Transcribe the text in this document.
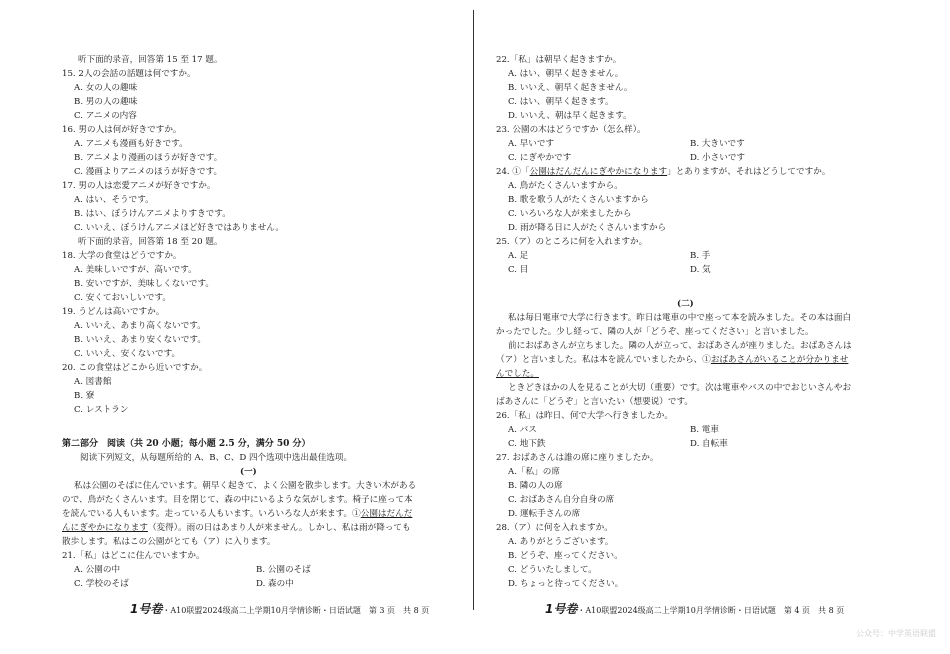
第二部分　阅读（共 20 小题；每小题 2.5 分，满分 50 分）
阅读下列短文，从每题所给的 A、B、C、D 四个选项中选出最佳选项。
(一)
私は公園のそばに住んでいます。朝早く起きて、よく公園を散歩します。大きい木がある
ので、鳥がたくさんいます。目を閉じて、森の中にいるような気がします。椅子に座って本
を読んでいる人もいます。走っている人もいます。いろいろな人が来ます。①公園はだんだ
んにぎやかになります（変得）。雨の日はあまり人が来ません。しかし、私は雨が降っても
散歩します。私はこの公園がとても（ア）に入ります。
21.「私」はどこに住んでいますか。
A. 公園の中	B. 公園のそば
C. 学校のそば	D. 森の中
1号卷・A10联盟2024级高二上学期10月学情诊断・日语试题　第 3 页　共 8 页
A. 早いです	B. 大きいです
C. にぎやかです	D. 小さいです
24. ①「公園はだんだんにぎやかになります」とありますが、それはどうしてですか。
A. 鳥がたくさんいますから。
B. 歌を歌う人がたくさんいますから
C. いろいろな人が来ましたから
D. 雨が降る日に人がたくさんいますから
25.（ア）のところに何を入れますか。
A. 足	B. 手
C. 目	D. 気
(二)
私は毎日電車で大学に行きます。昨日は電車の中で座って本を読みました。その本は面白
かったでした。少し経って、隣の人が「どうぞ、座ってください」と言いました。
前におばあさんが立ちました。隣の人が立って、おばあさんが座りました。おばあさんは
（ア）と言いました。私は本を読んでいましたから、①おばあさんがいることが分かりませ
んでした。
ときどきほかの人を見ることが大切（重要）です。次は電車やバスの中でおじいさんやお
ばあさんに「どうぞ」と言いたい（想要说）です。
26.「私」は昨日、何で大学へ行きましたか。
A. バス	B. 電車
C. 地下鉄	D. 自転車
27. おばあさんは誰の席に座りましたか。
A.「私」の席
B. 隣の人の席
C. おばあさん自分自身の席
D. 運転手さんの席
28.（ア）に何を入れますか。
A. ありがとうございます。
B. どうぞ、座ってください。
C. どういたしまして。
D. ちょっと待ってください。
1号卷・A10联盟2024级高二上学期10月学情诊断・日语试题　第 4 页　共 8 页
公众号：中学英语联盟
听下面的录音，回答第 15 至 17 题。
15. 2人の会話の話題は何ですか。
A. 女の人の趣味
B. 男の人の趣味
C. アニメの内容
16. 男の人は何が好きですか。
A. アニメも漫画も好きです。
B. アニメより漫画のほうが好きです。
C. 漫画よりアニメのほうが好きです。
17. 男の人は恋愛アニメが好きですか。
A. はい、そうです。
B. はい、ぼうけんアニメよりすきです。
C. いいえ、ぼうけんアニメほど好きではありません。
听下面的录音，回答第 18 至 20 题。
18. 大学の食堂はどうですか。
A. 美味しいですが、高いです。
B. 安いですが、美味しくないです。
C. 安くておいしいです。
19. うどんは高いですか。
A. いいえ、あまり高くないです。
B. いいえ、あまり安くないです。
C. いいえ、安くないです。
20. この食堂はどこから近いですか。
A. 図書館
B. 寮
C. レストラン
22.「私」は朝早く起きますか。
A. はい、朝早く起きません。
B. いいえ、朝早く起きません。
C. はい、朝早く起きます。
D. いいえ、朝は早く起きます。
23. 公園の木はどうですか（怎么样）。
